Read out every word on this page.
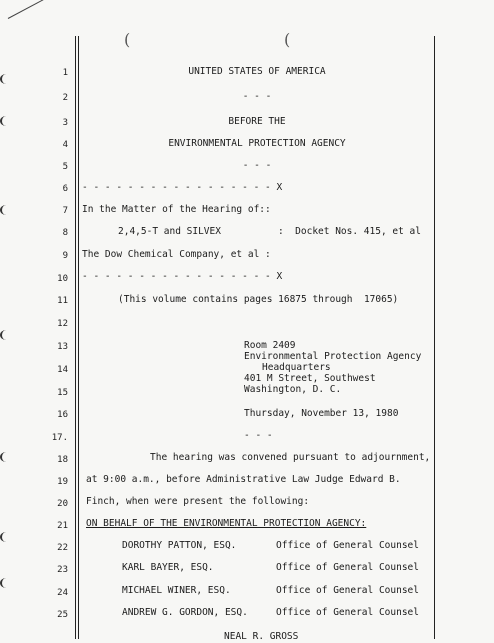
(	(
1
2
3
4
5
6
7
8
9
10
11
12
13
14
15
16
17.
18
19
20
21
22
23
24
25
UNITED STATES OF AMERICA
- - -
BEFORE THE
ENVIRONMENTAL PROTECTION AGENCY
- - -
- - - - - - - - - - - - - - - - - X
In the Matter of the Hearing of::
2,4,5-T and SILVEX	:  Docket Nos. 415, et al
The Dow Chemical Company, et al :
- - - - - - - - - - - - - - - - - X
(This volume contains pages 16875 through  17065)
Room 2409
Environmental Protection Agency
Headquarters
401 M Street, Southwest
Washington, D. C.
Thursday, November 13, 1980
- - -
The hearing was convened pursuant to adjournment,
at 9:00 a.m., before Administrative Law Judge Edward B.
Finch, when were present the following:
ON BEHALF OF THE ENVIRONMENTAL PROTECTION AGENCY:
DOROTHY PATTON, ESQ.	Office of General Counsel
KARL BAYER, ESQ.	Office of General Counsel
MICHAEL WINER, ESQ.	Office of General Counsel
ANDREW G. GORDON, ESQ.	Office of General Counsel
NEAL R. GROSS
